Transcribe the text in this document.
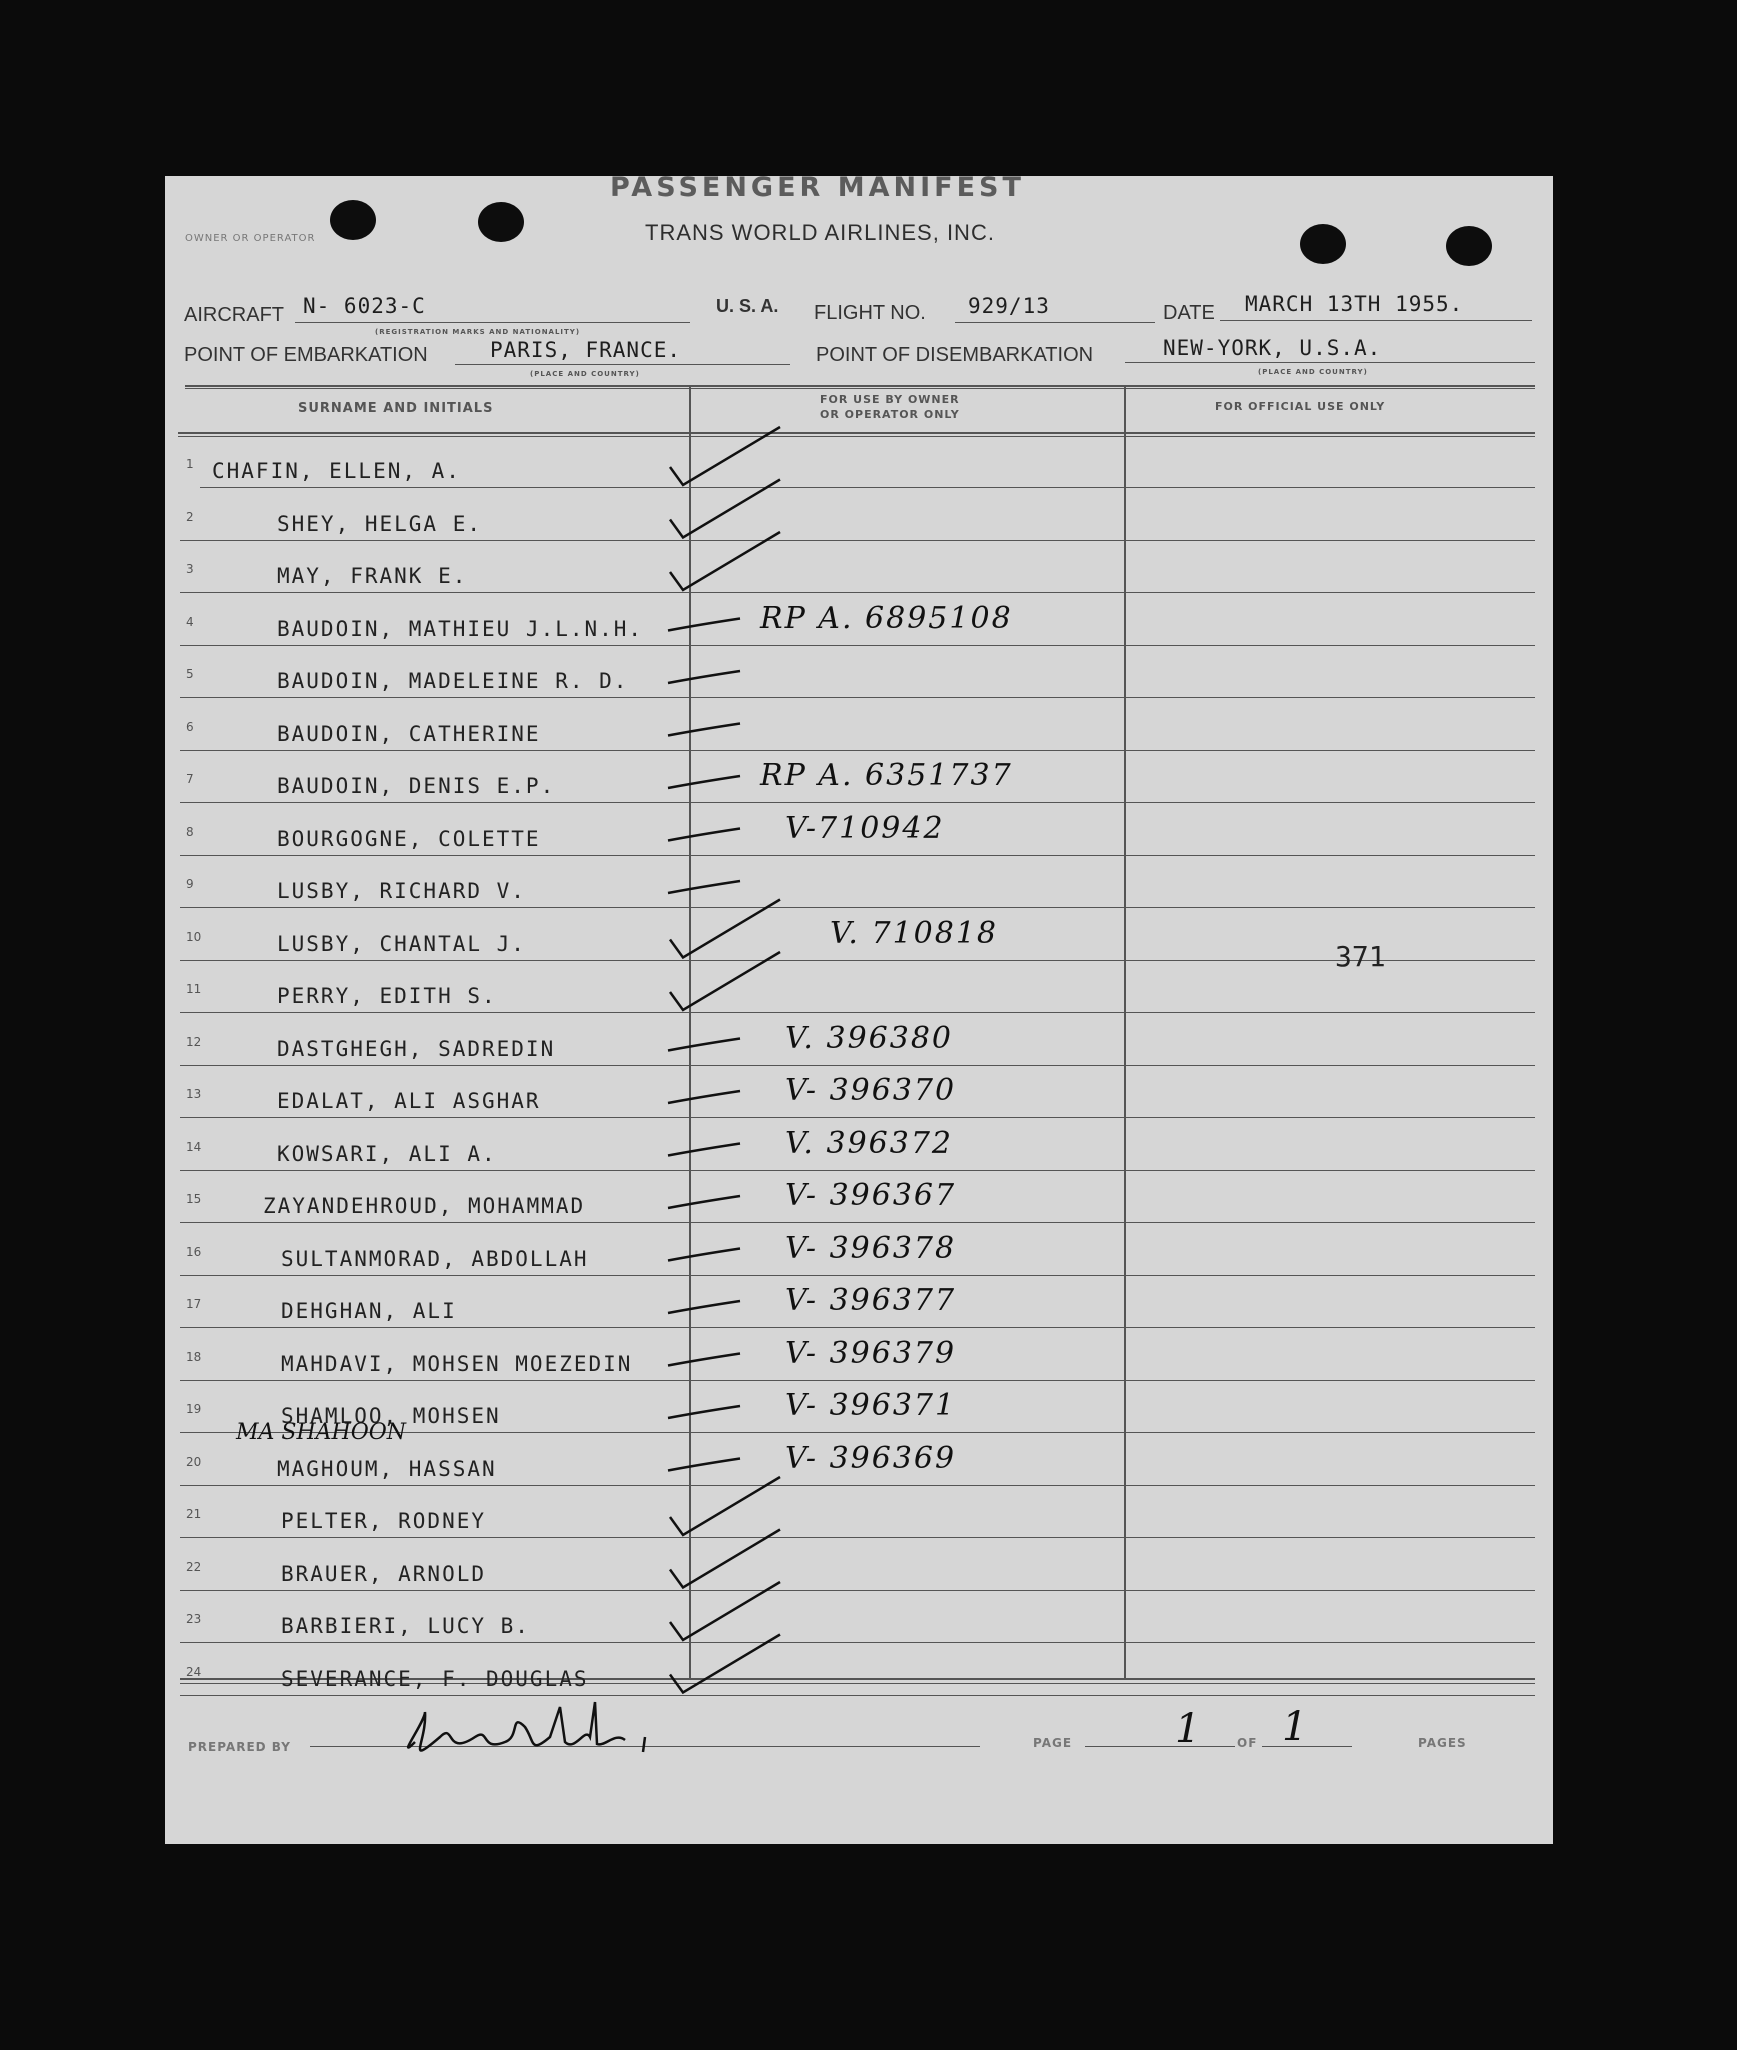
PASSENGER MANIFEST
OWNER OR OPERATOR	TRANS WORLD AIRLINES, INC.
AIRCRAFT N- 6023-C
(REGISTRATION MARKS AND NATIONALITY)
U. S. A. FLIGHT NO. 929/13	DATE MARCH 13TH 1955.
POINT OF EMBARKATION	PARIS, FRANCE.
(PLACE AND COUNTRY)
POINT OF DISEMBARKATION	NEW-YORK, U.S.A.
(PLACE AND COUNTRY)
SURNAME AND INITIALS
FOR USE BY OWNER
OR OPERATOR ONLY
FOR OFFICIAL USE ONLY
1 CHAFIN, ELLEN, A.
2	SHEY, HELGA E.
3	MAY, FRANK E.
4	BAUDOIN, MATHIEU J.L.N.H.	RP A. 6895108
5	BAUDOIN, MADELEINE R. D.
6	BAUDOIN, CATHERINE
7	BAUDOIN, DENIS E.P.	RP A. 6351737
8	BOURGOGNE, COLETTE	V-710942
9	LUSBY, RICHARD V.
10	LUSBY, CHANTAL J.	V. 710818
11	PERRY, EDITH S.
12	DASTGHEGH, SADREDIN	V. 396380
13	EDALAT, ALI ASGHAR	V- 396370
14	KOWSARI, ALI A.	V. 396372
15	ZAYANDEHROUD, MOHAMMAD	V- 396367
16	SULTANMORAD, ABDOLLAH	V- 396378
17	DEHGHAN, ALI	V- 396377
18	MAHDAVI, MOHSEN MOEZEDIN	V- 396379
19	SHAMLOO, MOHSEN	V- 396371
20	MAGHOUM, HASSAN	V- 396369
21	PELTER, RODNEY
22	BRAUER, ARNOLD
23	BARBIERI, LUCY B.
24	SEVERANCE, F. DOUGLAS
371
MA SHAHOON
PREPARED BY	PAGE	1	OF 1	PAGES
